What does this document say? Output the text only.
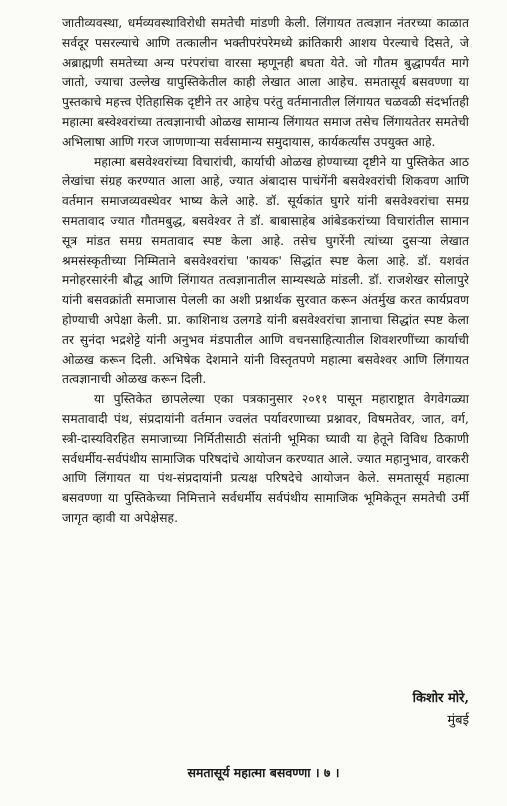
जातीव्यवस्था, धर्मव्यवस्थाविरोधी समतेची मांडणी केली. लिंगायत तत्वज्ञान नंतरच्या काळात सर्वदूर पसरल्याचे आणि तत्कालीन भक्तीपरंपरेमध्ये क्रांतिकारी आशय पेरल्याचे दिसते, जे अब्राह्मणी समतेच्या अन्य परंपरांचा वारसा म्हणूनही बघता येते. जो गौतम बुद्धापर्यंत मागे जातो, ज्याचा उल्लेख यापुस्तिकेतील काही लेखात आला आहेच. समतासूर्य बसवण्णा या पुस्तकाचे महत्त्व ऐतिहासिक दृष्टीने तर आहेच परंतु वर्तमानातील लिंगायत चळवळी संदर्भातही महात्मा बस्वेश्वरांच्या तत्वज्ञानाची ओळख सामान्य लिंगायत समाज तसेच लिंगायतेतर समतेची अभिलाषा आणि गरज जाणणाऱ्या सर्वसामान्य समुदायास, कार्यकर्त्यांस उपयुक्त आहे.

महात्मा बसवेश्वरांच्या विचारांची, कार्याची ओळख होण्याच्या दृष्टीने या पुस्तिकेत आठ लेखांचा संग्रह करण्यात आला आहे, ज्यात अंबादास पाचंगेंनी बसवेश्वरांची शिकवण आणि वर्तमान समाजव्यवस्थेवर भाष्य केले आहे. डॉ. सूर्यकांत घुगरे यांनी बसवेश्वरांचा समग्र समतावाद ज्यात गौतमबुद्ध, बसवेश्वर ते डॉ. बाबासाहेब आंबेडकरांच्या विचारांतील सामान सूत्र मांडत समग्र समतावाद स्पष्ट केला आहे. तसेच घुगरेंनी त्यांच्या दुसऱ्या लेखात श्रमसंस्कृतीच्या निम्मिताने बसवेश्वरांचा 'कायक' सिद्धांत स्पष्ट केला आहे. डॉ. यशवंत मनोहरसारंनी बौद्ध आणि लिंगायत तत्वज्ञानातील साम्यस्थळे मांडली. डॉ. राजशेखर सोलापुरे यांनी बसवक्रांती समाजास पेलली का अशी प्रश्नार्थक सुरवात करून अंतर्मुख करत कार्यप्रवण होण्याची अपेक्षा केली. प्रा. काशिनाथ उलगडे यांनी बसवेश्वरांचा ज्ञानाचा सिद्धांत स्पष्ट केला तर सुनंदा भद्रशेट्टे यांनी अनुभव मंडपातील आणि वचनसाहित्यातील शिवशरणींच्या कार्याची ओळख करून दिली. अभिषेक देशमाने यांनी विस्तृतपणे महात्मा बसवेश्वर आणि लिंगायत तत्वज्ञानाची ओळख करून दिली.

या पुस्तिकेत छापलेल्या एका पत्रकानुसार २०११ पासून महाराष्ट्रात वेगवेगळ्या समतावादी पंथ, संप्रदायांनी वर्तमान ज्वलंत पर्यावरणाच्या प्रश्नावर, विषमतेवर, जात, वर्ग, स्त्री-दास्यविरहित समाजाच्या निर्मितीसाठी संतांनी भूमिका घ्यावी या हेतूने विविध ठिकाणी सर्वधर्मीय-सर्वपंथीय सामाजिक परिषदांचे आयोजन करण्यात आले. ज्यात महानुभाव, वारकरी आणि लिंगायत या पंथ-संप्रदायांनी प्रत्यक्ष परिषदेचे आयोजन केले. समतासूर्य महात्मा बसवण्णा या पुस्तिकेच्या निमित्ताने सर्वधर्मीय सर्वपंथीय सामाजिक भूमिकेतून समतेची उर्मी जागृत व्हावी या अपेक्षेसह.

किशोर मोरे,
मुंबई
समतासूर्य महात्मा बसवण्णा । ७ ।
